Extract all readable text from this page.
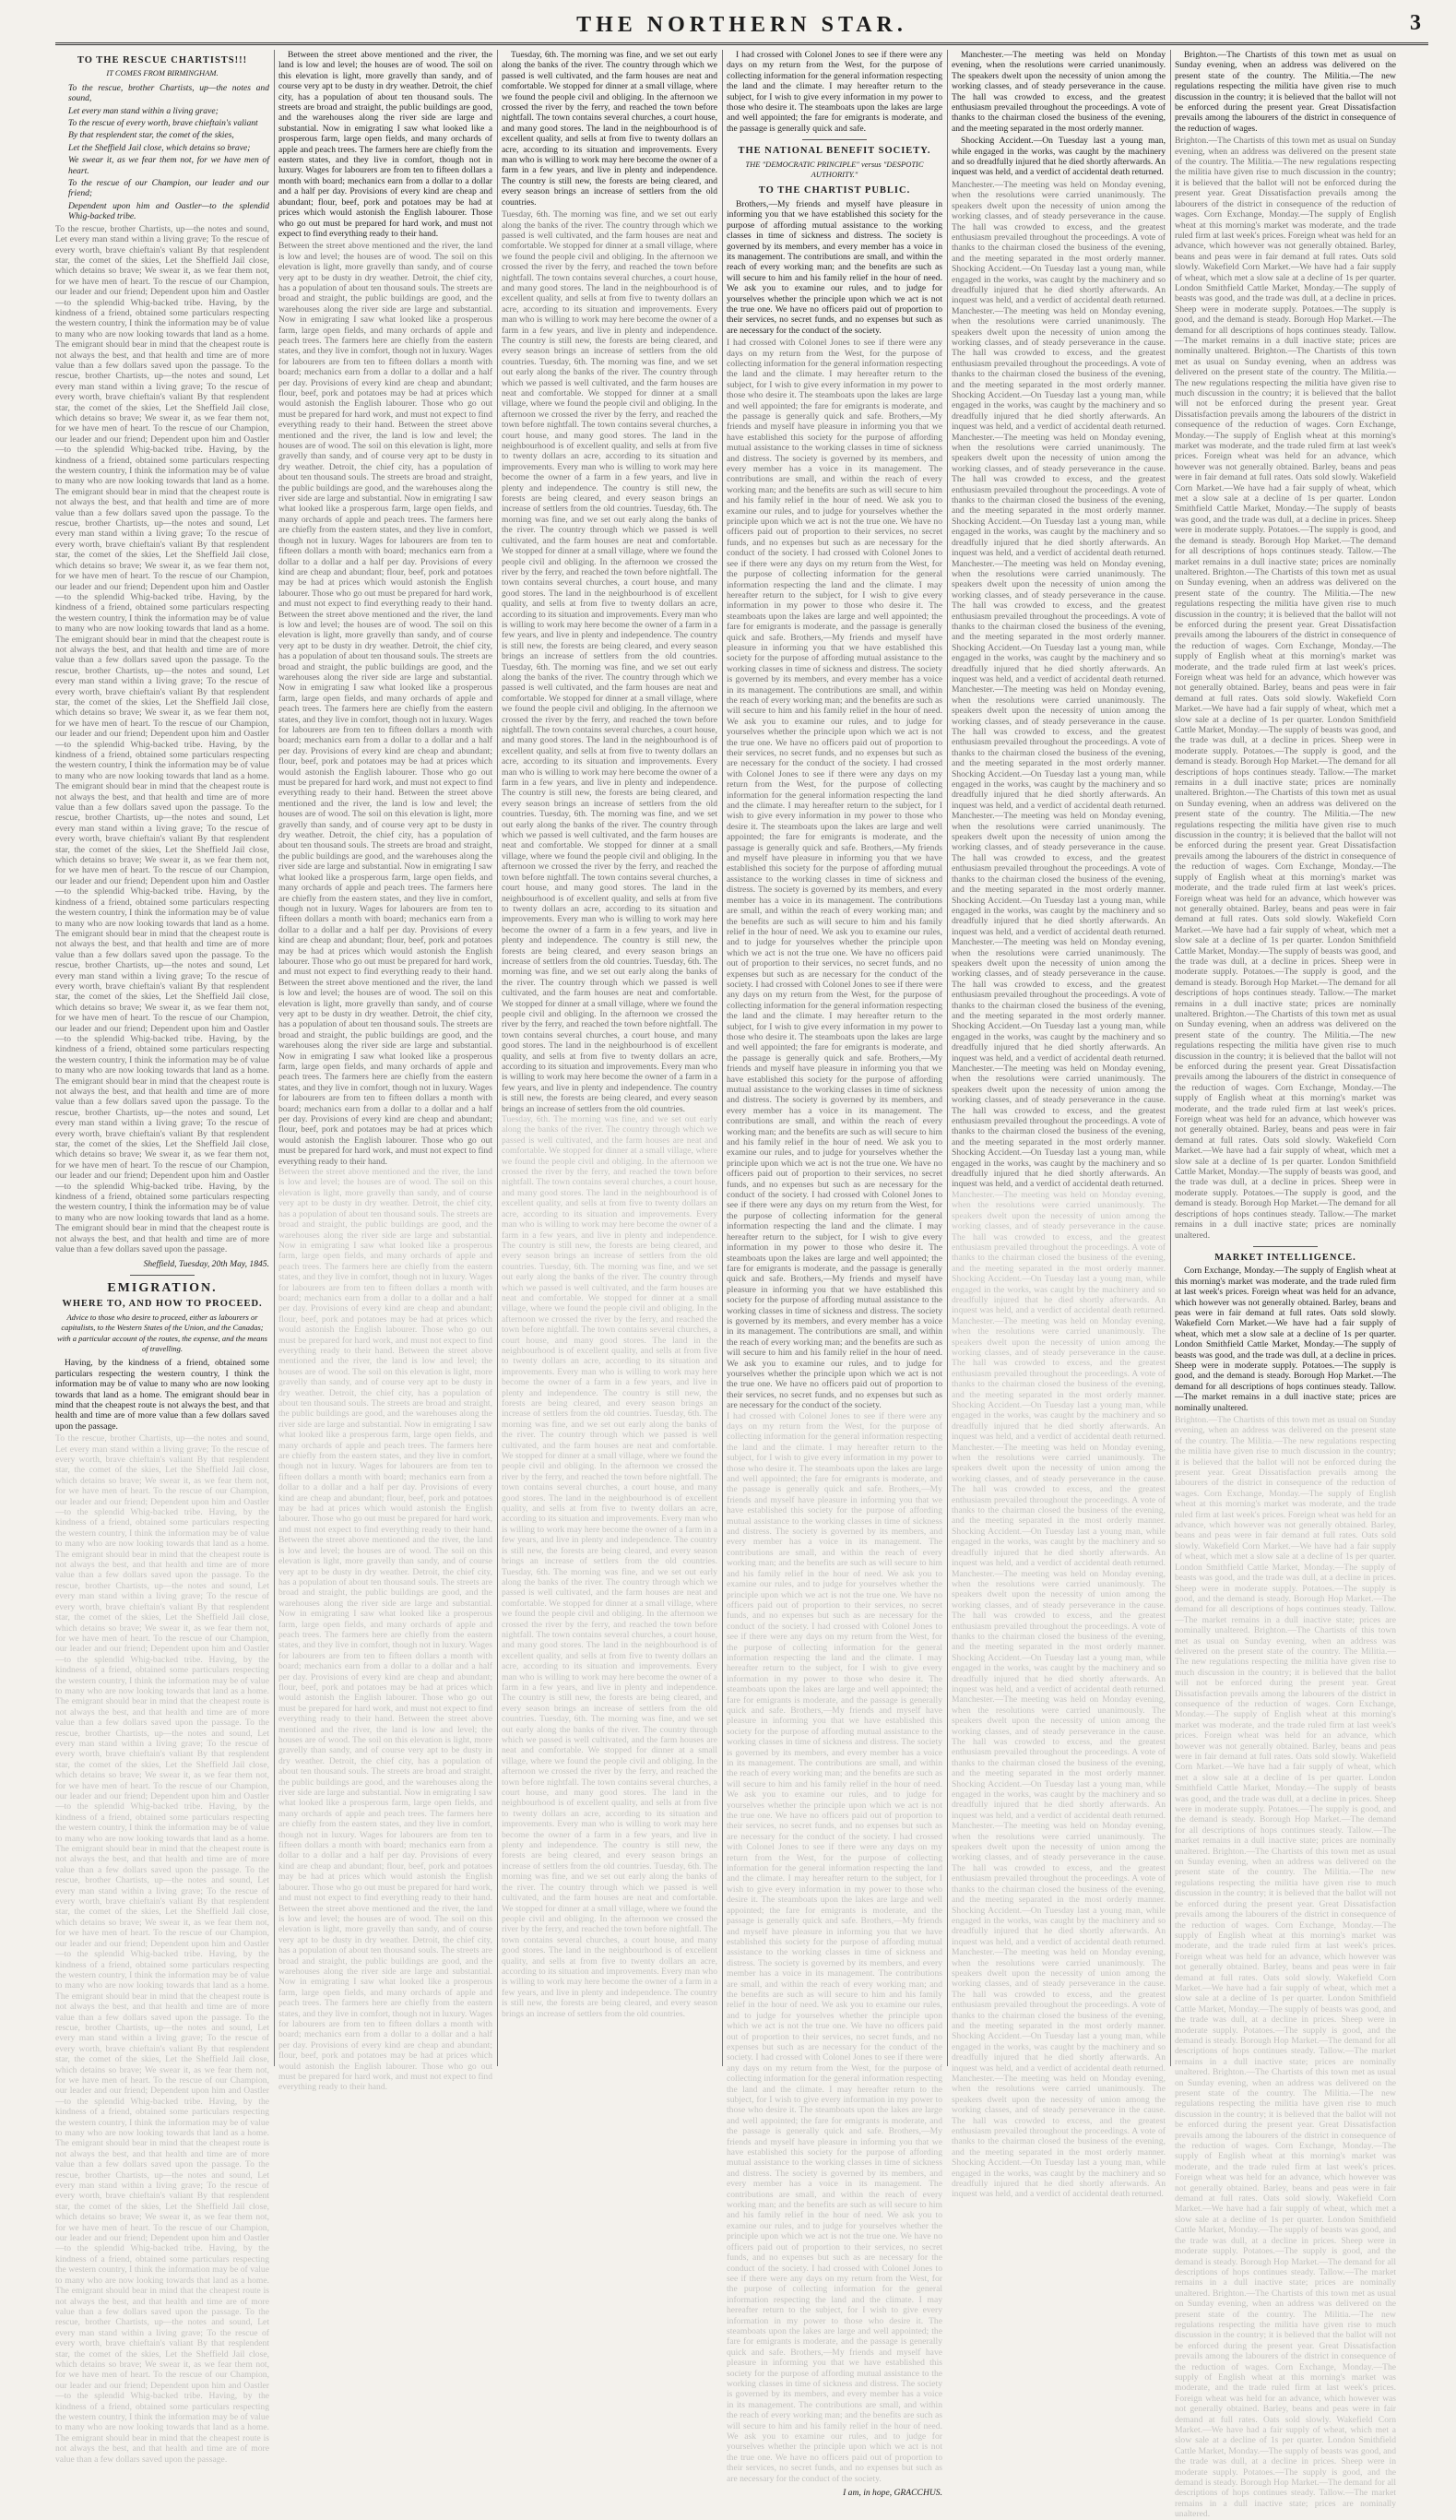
THE NORTHERN STAR.	3
TO THE RESCUE CHARTISTS!!!
IT COMES FROM BIRMINGHAM.

To the rescue, brother Chartists, up—the notes and sound,

Let every man stand within a living grave;

To the rescue of every worth, brave chieftain's valiant

By that resplendent star, the comet of the skies,

Let the Sheffield Jail close, which detains so brave;

We swear it, as we fear them not, for we have men of heart.

To the rescue of our Champion, our leader and our friend;

Dependent upon him and Oastler—to the splendid Whig-backed tribe.

To the rescue, brother Chartists, up—the notes and sound, Let every man stand within a living grave; To the rescue of every worth, brave chieftain's valiant By that resplendent star, the comet of the skies, Let the Sheffield Jail close, which detains so brave; We swear it, as we fear them not, for we have men of heart. To the rescue of our Champion, our leader and our friend; Dependent upon him and Oastler—to the splendid Whig-backed tribe. Having, by the kindness of a friend, obtained some particulars respecting the western country, I think the information may be of value to many who are now looking towards that land as a home. The emigrant should bear in mind that the cheapest route is not always the best, and that health and time are of more value than a few dollars saved upon the passage. To the rescue, brother Chartists, up—the notes and sound, Let every man stand within a living grave; To the rescue of every worth, brave chieftain's valiant By that resplendent star, the comet of the skies, Let the Sheffield Jail close, which detains so brave; We swear it, as we fear them not, for we have men of heart. To the rescue of our Champion, our leader and our friend; Dependent upon him and Oastler—to the splendid Whig-backed tribe. Having, by the kindness of a friend, obtained some particulars respecting the western country, I think the information may be of value to many who are now looking towards that land as a home. The emigrant should bear in mind that the cheapest route is not always the best, and that health and time are of more value than a few dollars saved upon the passage. To the rescue, brother Chartists, up—the notes and sound, Let every man stand within a living grave; To the rescue of every worth, brave chieftain's valiant By that resplendent star, the comet of the skies, Let the Sheffield Jail close, which detains so brave; We swear it, as we fear them not, for we have men of heart. To the rescue of our Champion, our leader and our friend; Dependent upon him and Oastler—to the splendid Whig-backed tribe. Having, by the kindness of a friend, obtained some particulars respecting the western country, I think the information may be of value to many who are now looking towards that land as a home. The emigrant should bear in mind that the cheapest route is not always the best, and that health and time are of more value than a few dollars saved upon the passage. To the rescue, brother Chartists, up—the notes and sound, Let every man stand within a living grave; To the rescue of every worth, brave chieftain's valiant By that resplendent star, the comet of the skies, Let the Sheffield Jail close, which detains so brave; We swear it, as we fear them not, for we have men of heart. To the rescue of our Champion, our leader and our friend; Dependent upon him and Oastler—to the splendid Whig-backed tribe. Having, by the kindness of a friend, obtained some particulars respecting the western country, I think the information may be of value to many who are now looking towards that land as a home. The emigrant should bear in mind that the cheapest route is not always the best, and that health and time are of more value than a few dollars saved upon the passage. To the rescue, brother Chartists, up—the notes and sound, Let every man stand within a living grave; To the rescue of every worth, brave chieftain's valiant By that resplendent star, the comet of the skies, Let the Sheffield Jail close, which detains so brave; We swear it, as we fear them not, for we have men of heart. To the rescue of our Champion, our leader and our friend; Dependent upon him and Oastler—to the splendid Whig-backed tribe. Having, by the kindness of a friend, obtained some particulars respecting the western country, I think the information may be of value to many who are now looking towards that land as a home. The emigrant should bear in mind that the cheapest route is not always the best, and that health and time are of more value than a few dollars saved upon the passage. To the rescue, brother Chartists, up—the notes and sound, Let every man stand within a living grave; To the rescue of every worth, brave chieftain's valiant By that resplendent star, the comet of the skies, Let the Sheffield Jail close, which detains so brave; We swear it, as we fear them not, for we have men of heart. To the rescue of our Champion, our leader and our friend; Dependent upon him and Oastler—to the splendid Whig-backed tribe. Having, by the kindness of a friend, obtained some particulars respecting the western country, I think the information may be of value to many who are now looking towards that land as a home. The emigrant should bear in mind that the cheapest route is not always the best, and that health and time are of more value than a few dollars saved upon the passage. To the rescue, brother Chartists, up—the notes and sound, Let every man stand within a living grave; To the rescue of every worth, brave chieftain's valiant By that resplendent star, the comet of the skies, Let the Sheffield Jail close, which detains so brave; We swear it, as we fear them not, for we have men of heart. To the rescue of our Champion, our leader and our friend; Dependent upon him and Oastler—to the splendid Whig-backed tribe. Having, by the kindness of a friend, obtained some particulars respecting the western country, I think the information may be of value to many who are now looking towards that land as a home. The emigrant should bear in mind that the cheapest route is not always the best, and that health and time are of more value than a few dollars saved upon the passage.
Sheffield, Tuesday, 20th May, 1845.
EMIGRATION.
WHERE TO, AND HOW TO PROCEED.
Advice to those who desire to proceed, either as labourers or capitalists, to the Western States of the Union, and the Canadas; with a particular account of the routes, the expense, and the means of travelling.

Having, by the kindness of a friend, obtained some particulars respecting the western country, I think the information may be of value to many who are now looking towards that land as a home. The emigrant should bear in mind that the cheapest route is not always the best, and that health and time are of more value than a few dollars saved upon the passage.

To the rescue, brother Chartists, up—the notes and sound, Let every man stand within a living grave; To the rescue of every worth, brave chieftain's valiant By that resplendent star, the comet of the skies, Let the Sheffield Jail close, which detains so brave; We swear it, as we fear them not, for we have men of heart. To the rescue of our Champion, our leader and our friend; Dependent upon him and Oastler—to the splendid Whig-backed tribe. Having, by the kindness of a friend, obtained some particulars respecting the western country, I think the information may be of value to many who are now looking towards that land as a home. The emigrant should bear in mind that the cheapest route is not always the best, and that health and time are of more value than a few dollars saved upon the passage. To the rescue, brother Chartists, up—the notes and sound, Let every man stand within a living grave; To the rescue of every worth, brave chieftain's valiant By that resplendent star, the comet of the skies, Let the Sheffield Jail close, which detains so brave; We swear it, as we fear them not, for we have men of heart. To the rescue of our Champion, our leader and our friend; Dependent upon him and Oastler—to the splendid Whig-backed tribe. Having, by the kindness of a friend, obtained some particulars respecting the western country, I think the information may be of value to many who are now looking towards that land as a home. The emigrant should bear in mind that the cheapest route is not always the best, and that health and time are of more value than a few dollars saved upon the passage. To the rescue, brother Chartists, up—the notes and sound, Let every man stand within a living grave; To the rescue of every worth, brave chieftain's valiant By that resplendent star, the comet of the skies, Let the Sheffield Jail close, which detains so brave; We swear it, as we fear them not, for we have men of heart. To the rescue of our Champion, our leader and our friend; Dependent upon him and Oastler—to the splendid Whig-backed tribe. Having, by the kindness of a friend, obtained some particulars respecting the western country, I think the information may be of value to many who are now looking towards that land as a home. The emigrant should bear in mind that the cheapest route is not always the best, and that health and time are of more value than a few dollars saved upon the passage. To the rescue, brother Chartists, up—the notes and sound, Let every man stand within a living grave; To the rescue of every worth, brave chieftain's valiant By that resplendent star, the comet of the skies, Let the Sheffield Jail close, which detains so brave; We swear it, as we fear them not, for we have men of heart. To the rescue of our Champion, our leader and our friend; Dependent upon him and Oastler—to the splendid Whig-backed tribe. Having, by the kindness of a friend, obtained some particulars respecting the western country, I think the information may be of value to many who are now looking towards that land as a home. The emigrant should bear in mind that the cheapest route is not always the best, and that health and time are of more value than a few dollars saved upon the passage. To the rescue, brother Chartists, up—the notes and sound, Let every man stand within a living grave; To the rescue of every worth, brave chieftain's valiant By that resplendent star, the comet of the skies, Let the Sheffield Jail close, which detains so brave; We swear it, as we fear them not, for we have men of heart. To the rescue of our Champion, our leader and our friend; Dependent upon him and Oastler—to the splendid Whig-backed tribe. Having, by the kindness of a friend, obtained some particulars respecting the western country, I think the information may be of value to many who are now looking towards that land as a home. The emigrant should bear in mind that the cheapest route is not always the best, and that health and time are of more value than a few dollars saved upon the passage. To the rescue, brother Chartists, up—the notes and sound, Let every man stand within a living grave; To the rescue of every worth, brave chieftain's valiant By that resplendent star, the comet of the skies, Let the Sheffield Jail close, which detains so brave; We swear it, as we fear them not, for we have men of heart. To the rescue of our Champion, our leader and our friend; Dependent upon him and Oastler—to the splendid Whig-backed tribe. Having, by the kindness of a friend, obtained some particulars respecting the western country, I think the information may be of value to many who are now looking towards that land as a home. The emigrant should bear in mind that the cheapest route is not always the best, and that health and time are of more value than a few dollars saved upon the passage. To the rescue, brother Chartists, up—the notes and sound, Let every man stand within a living grave; To the rescue of every worth, brave chieftain's valiant By that resplendent star, the comet of the skies, Let the Sheffield Jail close, which detains so brave; We swear it, as we fear them not, for we have men of heart. To the rescue of our Champion, our leader and our friend; Dependent upon him and Oastler—to the splendid Whig-backed tribe. Having, by the kindness of a friend, obtained some particulars respecting the western country, I think the information may be of value to many who are now looking towards that land as a home. The emigrant should bear in mind that the cheapest route is not always the best, and that health and time are of more value than a few dollars saved upon the passage.

Between the street above mentioned and the river, the land is low and level; the houses are of wood. The soil on this elevation is light, more gravelly than sandy, and of course very apt to be dusty in dry weather. Detroit, the chief city, has a population of about ten thousand souls. The streets are broad and straight, the public buildings are good, and the warehouses along the river side are large and substantial. Now in emigrating I saw what looked like a prosperous farm, large open fields, and many orchards of apple and peach trees. The farmers here are chiefly from the eastern states, and they live in comfort, though not in luxury. Wages for labourers are from ten to fifteen dollars a month with board; mechanics earn from a dollar to a dollar and a half per day. Provisions of every kind are cheap and abundant; flour, beef, pork and potatoes may be had at prices which would astonish the English labourer. Those who go out must be prepared for hard work, and must not expect to find everything ready to their hand.

Between the street above mentioned and the river, the land is low and level; the houses are of wood. The soil on this elevation is light, more gravelly than sandy, and of course very apt to be dusty in dry weather. Detroit, the chief city, has a population of about ten thousand souls. The streets are broad and straight, the public buildings are good, and the warehouses along the river side are large and substantial. Now in emigrating I saw what looked like a prosperous farm, large open fields, and many orchards of apple and peach trees. The farmers here are chiefly from the eastern states, and they live in comfort, though not in luxury. Wages for labourers are from ten to fifteen dollars a month with board; mechanics earn from a dollar to a dollar and a half per day. Provisions of every kind are cheap and abundant; flour, beef, pork and potatoes may be had at prices which would astonish the English labourer. Those who go out must be prepared for hard work, and must not expect to find everything ready to their hand. Between the street above mentioned and the river, the land is low and level; the houses are of wood. The soil on this elevation is light, more gravelly than sandy, and of course very apt to be dusty in dry weather. Detroit, the chief city, has a population of about ten thousand souls. The streets are broad and straight, the public buildings are good, and the warehouses along the river side are large and substantial. Now in emigrating I saw what looked like a prosperous farm, large open fields, and many orchards of apple and peach trees. The farmers here are chiefly from the eastern states, and they live in comfort, though not in luxury. Wages for labourers are from ten to fifteen dollars a month with board; mechanics earn from a dollar to a dollar and a half per day. Provisions of every kind are cheap and abundant; flour, beef, pork and potatoes may be had at prices which would astonish the English labourer. Those who go out must be prepared for hard work, and must not expect to find everything ready to their hand. Between the street above mentioned and the river, the land is low and level; the houses are of wood. The soil on this elevation is light, more gravelly than sandy, and of course very apt to be dusty in dry weather. Detroit, the chief city, has a population of about ten thousand souls. The streets are broad and straight, the public buildings are good, and the warehouses along the river side are large and substantial. Now in emigrating I saw what looked like a prosperous farm, large open fields, and many orchards of apple and peach trees. The farmers here are chiefly from the eastern states, and they live in comfort, though not in luxury. Wages for labourers are from ten to fifteen dollars a month with board; mechanics earn from a dollar to a dollar and a half per day. Provisions of every kind are cheap and abundant; flour, beef, pork and potatoes may be had at prices which would astonish the English labourer. Those who go out must be prepared for hard work, and must not expect to find everything ready to their hand. Between the street above mentioned and the river, the land is low and level; the houses are of wood. The soil on this elevation is light, more gravelly than sandy, and of course very apt to be dusty in dry weather. Detroit, the chief city, has a population of about ten thousand souls. The streets are broad and straight, the public buildings are good, and the warehouses along the river side are large and substantial. Now in emigrating I saw what looked like a prosperous farm, large open fields, and many orchards of apple and peach trees. The farmers here are chiefly from the eastern states, and they live in comfort, though not in luxury. Wages for labourers are from ten to fifteen dollars a month with board; mechanics earn from a dollar to a dollar and a half per day. Provisions of every kind are cheap and abundant; flour, beef, pork and potatoes may be had at prices which would astonish the English labourer. Those who go out must be prepared for hard work, and must not expect to find everything ready to their hand. Between the street above mentioned and the river, the land is low and level; the houses are of wood. The soil on this elevation is light, more gravelly than sandy, and of course very apt to be dusty in dry weather. Detroit, the chief city, has a population of about ten thousand souls. The streets are broad and straight, the public buildings are good, and the warehouses along the river side are large and substantial. Now in emigrating I saw what looked like a prosperous farm, large open fields, and many orchards of apple and peach trees. The farmers here are chiefly from the eastern states, and they live in comfort, though not in luxury. Wages for labourers are from ten to fifteen dollars a month with board; mechanics earn from a dollar to a dollar and a half per day. Provisions of every kind are cheap and abundant; flour, beef, pork and potatoes may be had at prices which would astonish the English labourer. Those who go out must be prepared for hard work, and must not expect to find everything ready to their hand.
Between the street above mentioned and the river, the land is low and level; the houses are of wood. The soil on this elevation is light, more gravelly than sandy, and of course very apt to be dusty in dry weather. Detroit, the chief city, has a population of about ten thousand souls. The streets are broad and straight, the public buildings are good, and the warehouses along the river side are large and substantial. Now in emigrating I saw what looked like a prosperous farm, large open fields, and many orchards of apple and peach trees. The farmers here are chiefly from the eastern states, and they live in comfort, though not in luxury. Wages for labourers are from ten to fifteen dollars a month with board; mechanics earn from a dollar to a dollar and a half per day. Provisions of every kind are cheap and abundant; flour, beef, pork and potatoes may be had at prices which would astonish the English labourer. Those who go out must be prepared for hard work, and must not expect to find everything ready to their hand. Between the street above mentioned and the river, the land is low and level; the houses are of wood. The soil on this elevation is light, more gravelly than sandy, and of course very apt to be dusty in dry weather. Detroit, the chief city, has a population of about ten thousand souls. The streets are broad and straight, the public buildings are good, and the warehouses along the river side are large and substantial. Now in emigrating I saw what looked like a prosperous farm, large open fields, and many orchards of apple and peach trees. The farmers here are chiefly from the eastern states, and they live in comfort, though not in luxury. Wages for labourers are from ten to fifteen dollars a month with board; mechanics earn from a dollar to a dollar and a half per day. Provisions of every kind are cheap and abundant; flour, beef, pork and potatoes may be had at prices which would astonish the English labourer. Those who go out must be prepared for hard work, and must not expect to find everything ready to their hand. Between the street above mentioned and the river, the land is low and level; the houses are of wood. The soil on this elevation is light, more gravelly than sandy, and of course very apt to be dusty in dry weather. Detroit, the chief city, has a population of about ten thousand souls. The streets are broad and straight, the public buildings are good, and the warehouses along the river side are large and substantial. Now in emigrating I saw what looked like a prosperous farm, large open fields, and many orchards of apple and peach trees. The farmers here are chiefly from the eastern states, and they live in comfort, though not in luxury. Wages for labourers are from ten to fifteen dollars a month with board; mechanics earn from a dollar to a dollar and a half per day. Provisions of every kind are cheap and abundant; flour, beef, pork and potatoes may be had at prices which would astonish the English labourer. Those who go out must be prepared for hard work, and must not expect to find everything ready to their hand. Between the street above mentioned and the river, the land is low and level; the houses are of wood. The soil on this elevation is light, more gravelly than sandy, and of course very apt to be dusty in dry weather. Detroit, the chief city, has a population of about ten thousand souls. The streets are broad and straight, the public buildings are good, and the warehouses along the river side are large and substantial. Now in emigrating I saw what looked like a prosperous farm, large open fields, and many orchards of apple and peach trees. The farmers here are chiefly from the eastern states, and they live in comfort, though not in luxury. Wages for labourers are from ten to fifteen dollars a month with board; mechanics earn from a dollar to a dollar and a half per day. Provisions of every kind are cheap and abundant; flour, beef, pork and potatoes may be had at prices which would astonish the English labourer. Those who go out must be prepared for hard work, and must not expect to find everything ready to their hand. Between the street above mentioned and the river, the land is low and level; the houses are of wood. The soil on this elevation is light, more gravelly than sandy, and of course very apt to be dusty in dry weather. Detroit, the chief city, has a population of about ten thousand souls. The streets are broad and straight, the public buildings are good, and the warehouses along the river side are large and substantial. Now in emigrating I saw what looked like a prosperous farm, large open fields, and many orchards of apple and peach trees. The farmers here are chiefly from the eastern states, and they live in comfort, though not in luxury. Wages for labourers are from ten to fifteen dollars a month with board; mechanics earn from a dollar to a dollar and a half per day. Provisions of every kind are cheap and abundant; flour, beef, pork and potatoes may be had at prices which would astonish the English labourer. Those who go out must be prepared for hard work, and must not expect to find everything ready to their hand.

Tuesday, 6th. The morning was fine, and we set out early along the banks of the river. The country through which we passed is well cultivated, and the farm houses are neat and comfortable. We stopped for dinner at a small village, where we found the people civil and obliging. In the afternoon we crossed the river by the ferry, and reached the town before nightfall. The town contains several churches, a court house, and many good stores. The land in the neighbourhood is of excellent quality, and sells at from five to twenty dollars an acre, according to its situation and improvements. Every man who is willing to work may here become the owner of a farm in a few years, and live in plenty and independence. The country is still new, the forests are being cleared, and every season brings an increase of settlers from the old countries.

Tuesday, 6th. The morning was fine, and we set out early along the banks of the river. The country through which we passed is well cultivated, and the farm houses are neat and comfortable. We stopped for dinner at a small village, where we found the people civil and obliging. In the afternoon we crossed the river by the ferry, and reached the town before nightfall. The town contains several churches, a court house, and many good stores. The land in the neighbourhood is of excellent quality, and sells at from five to twenty dollars an acre, according to its situation and improvements. Every man who is willing to work may here become the owner of a farm in a few years, and live in plenty and independence. The country is still new, the forests are being cleared, and every season brings an increase of settlers from the old countries. Tuesday, 6th. The morning was fine, and we set out early along the banks of the river. The country through which we passed is well cultivated, and the farm houses are neat and comfortable. We stopped for dinner at a small village, where we found the people civil and obliging. In the afternoon we crossed the river by the ferry, and reached the town before nightfall. The town contains several churches, a court house, and many good stores. The land in the neighbourhood is of excellent quality, and sells at from five to twenty dollars an acre, according to its situation and improvements. Every man who is willing to work may here become the owner of a farm in a few years, and live in plenty and independence. The country is still new, the forests are being cleared, and every season brings an increase of settlers from the old countries. Tuesday, 6th. The morning was fine, and we set out early along the banks of the river. The country through which we passed is well cultivated, and the farm houses are neat and comfortable. We stopped for dinner at a small village, where we found the people civil and obliging. In the afternoon we crossed the river by the ferry, and reached the town before nightfall. The town contains several churches, a court house, and many good stores. The land in the neighbourhood is of excellent quality, and sells at from five to twenty dollars an acre, according to its situation and improvements. Every man who is willing to work may here become the owner of a farm in a few years, and live in plenty and independence. The country is still new, the forests are being cleared, and every season brings an increase of settlers from the old countries. Tuesday, 6th. The morning was fine, and we set out early along the banks of the river. The country through which we passed is well cultivated, and the farm houses are neat and comfortable. We stopped for dinner at a small village, where we found the people civil and obliging. In the afternoon we crossed the river by the ferry, and reached the town before nightfall. The town contains several churches, a court house, and many good stores. The land in the neighbourhood is of excellent quality, and sells at from five to twenty dollars an acre, according to its situation and improvements. Every man who is willing to work may here become the owner of a farm in a few years, and live in plenty and independence. The country is still new, the forests are being cleared, and every season brings an increase of settlers from the old countries. Tuesday, 6th. The morning was fine, and we set out early along the banks of the river. The country through which we passed is well cultivated, and the farm houses are neat and comfortable. We stopped for dinner at a small village, where we found the people civil and obliging. In the afternoon we crossed the river by the ferry, and reached the town before nightfall. The town contains several churches, a court house, and many good stores. The land in the neighbourhood is of excellent quality, and sells at from five to twenty dollars an acre, according to its situation and improvements. Every man who is willing to work may here become the owner of a farm in a few years, and live in plenty and independence. The country is still new, the forests are being cleared, and every season brings an increase of settlers from the old countries. Tuesday, 6th. The morning was fine, and we set out early along the banks of the river. The country through which we passed is well cultivated, and the farm houses are neat and comfortable. We stopped for dinner at a small village, where we found the people civil and obliging. In the afternoon we crossed the river by the ferry, and reached the town before nightfall. The town contains several churches, a court house, and many good stores. The land in the neighbourhood is of excellent quality, and sells at from five to twenty dollars an acre, according to its situation and improvements. Every man who is willing to work may here become the owner of a farm in a few years, and live in plenty and independence. The country is still new, the forests are being cleared, and every season brings an increase of settlers from the old countries.
Tuesday, 6th. The morning was fine, and we set out early along the banks of the river. The country through which we passed is well cultivated, and the farm houses are neat and comfortable. We stopped for dinner at a small village, where we found the people civil and obliging. In the afternoon we crossed the river by the ferry, and reached the town before nightfall. The town contains several churches, a court house, and many good stores. The land in the neighbourhood is of excellent quality, and sells at from five to twenty dollars an acre, according to its situation and improvements. Every man who is willing to work may here become the owner of a farm in a few years, and live in plenty and independence. The country is still new, the forests are being cleared, and every season brings an increase of settlers from the old countries. Tuesday, 6th. The morning was fine, and we set out early along the banks of the river. The country through which we passed is well cultivated, and the farm houses are neat and comfortable. We stopped for dinner at a small village, where we found the people civil and obliging. In the afternoon we crossed the river by the ferry, and reached the town before nightfall. The town contains several churches, a court house, and many good stores. The land in the neighbourhood is of excellent quality, and sells at from five to twenty dollars an acre, according to its situation and improvements. Every man who is willing to work may here become the owner of a farm in a few years, and live in plenty and independence. The country is still new, the forests are being cleared, and every season brings an increase of settlers from the old countries. Tuesday, 6th. The morning was fine, and we set out early along the banks of the river. The country through which we passed is well cultivated, and the farm houses are neat and comfortable. We stopped for dinner at a small village, where we found the people civil and obliging. In the afternoon we crossed the river by the ferry, and reached the town before nightfall. The town contains several churches, a court house, and many good stores. The land in the neighbourhood is of excellent quality, and sells at from five to twenty dollars an acre, according to its situation and improvements. Every man who is willing to work may here become the owner of a farm in a few years, and live in plenty and independence. The country is still new, the forests are being cleared, and every season brings an increase of settlers from the old countries. Tuesday, 6th. The morning was fine, and we set out early along the banks of the river. The country through which we passed is well cultivated, and the farm houses are neat and comfortable. We stopped for dinner at a small village, where we found the people civil and obliging. In the afternoon we crossed the river by the ferry, and reached the town before nightfall. The town contains several churches, a court house, and many good stores. The land in the neighbourhood is of excellent quality, and sells at from five to twenty dollars an acre, according to its situation and improvements. Every man who is willing to work may here become the owner of a farm in a few years, and live in plenty and independence. The country is still new, the forests are being cleared, and every season brings an increase of settlers from the old countries. Tuesday, 6th. The morning was fine, and we set out early along the banks of the river. The country through which we passed is well cultivated, and the farm houses are neat and comfortable. We stopped for dinner at a small village, where we found the people civil and obliging. In the afternoon we crossed the river by the ferry, and reached the town before nightfall. The town contains several churches, a court house, and many good stores. The land in the neighbourhood is of excellent quality, and sells at from five to twenty dollars an acre, according to its situation and improvements. Every man who is willing to work may here become the owner of a farm in a few years, and live in plenty and independence. The country is still new, the forests are being cleared, and every season brings an increase of settlers from the old countries. Tuesday, 6th. The morning was fine, and we set out early along the banks of the river. The country through which we passed is well cultivated, and the farm houses are neat and comfortable. We stopped for dinner at a small village, where we found the people civil and obliging. In the afternoon we crossed the river by the ferry, and reached the town before nightfall. The town contains several churches, a court house, and many good stores. The land in the neighbourhood is of excellent quality, and sells at from five to twenty dollars an acre, according to its situation and improvements. Every man who is willing to work may here become the owner of a farm in a few years, and live in plenty and independence. The country is still new, the forests are being cleared, and every season brings an increase of settlers from the old countries.

I had crossed with Colonel Jones to see if there were any days on my return from the West, for the purpose of collecting information for the general information respecting the land and the climate. I may hereafter return to the subject, for I wish to give every information in my power to those who desire it. The steamboats upon the lakes are large and well appointed; the fare for emigrants is moderate, and the passage is generally quick and safe.

THE NATIONAL BENEFIT SOCIETY.
THE "DEMOCRATIC PRINCIPLE" versus "DESPOTIC AUTHORITY."
TO THE CHARTIST PUBLIC.

Brothers,—My friends and myself have pleasure in informing you that we have established this society for the purpose of affording mutual assistance to the working classes in time of sickness and distress. The society is governed by its members, and every member has a voice in its management. The contributions are small, and within the reach of every working man; and the benefits are such as will secure to him and his family relief in the hour of need. We ask you to examine our rules, and to judge for yourselves whether the principle upon which we act is not the true one. We have no officers paid out of proportion to their services, no secret funds, and no expenses but such as are necessary for the conduct of the society.

I had crossed with Colonel Jones to see if there were any days on my return from the West, for the purpose of collecting information for the general information respecting the land and the climate. I may hereafter return to the subject, for I wish to give every information in my power to those who desire it. The steamboats upon the lakes are large and well appointed; the fare for emigrants is moderate, and the passage is generally quick and safe. Brothers,—My friends and myself have pleasure in informing you that we have established this society for the purpose of affording mutual assistance to the working classes in time of sickness and distress. The society is governed by its members, and every member has a voice in its management. The contributions are small, and within the reach of every working man; and the benefits are such as will secure to him and his family relief in the hour of need. We ask you to examine our rules, and to judge for yourselves whether the principle upon which we act is not the true one. We have no officers paid out of proportion to their services, no secret funds, and no expenses but such as are necessary for the conduct of the society. I had crossed with Colonel Jones to see if there were any days on my return from the West, for the purpose of collecting information for the general information respecting the land and the climate. I may hereafter return to the subject, for I wish to give every information in my power to those who desire it. The steamboats upon the lakes are large and well appointed; the fare for emigrants is moderate, and the passage is generally quick and safe. Brothers,—My friends and myself have pleasure in informing you that we have established this society for the purpose of affording mutual assistance to the working classes in time of sickness and distress. The society is governed by its members, and every member has a voice in its management. The contributions are small, and within the reach of every working man; and the benefits are such as will secure to him and his family relief in the hour of need. We ask you to examine our rules, and to judge for yourselves whether the principle upon which we act is not the true one. We have no officers paid out of proportion to their services, no secret funds, and no expenses but such as are necessary for the conduct of the society. I had crossed with Colonel Jones to see if there were any days on my return from the West, for the purpose of collecting information for the general information respecting the land and the climate. I may hereafter return to the subject, for I wish to give every information in my power to those who desire it. The steamboats upon the lakes are large and well appointed; the fare for emigrants is moderate, and the passage is generally quick and safe. Brothers,—My friends and myself have pleasure in informing you that we have established this society for the purpose of affording mutual assistance to the working classes in time of sickness and distress. The society is governed by its members, and every member has a voice in its management. The contributions are small, and within the reach of every working man; and the benefits are such as will secure to him and his family relief in the hour of need. We ask you to examine our rules, and to judge for yourselves whether the principle upon which we act is not the true one. We have no officers paid out of proportion to their services, no secret funds, and no expenses but such as are necessary for the conduct of the society. I had crossed with Colonel Jones to see if there were any days on my return from the West, for the purpose of collecting information for the general information respecting the land and the climate. I may hereafter return to the subject, for I wish to give every information in my power to those who desire it. The steamboats upon the lakes are large and well appointed; the fare for emigrants is moderate, and the passage is generally quick and safe. Brothers,—My friends and myself have pleasure in informing you that we have established this society for the purpose of affording mutual assistance to the working classes in time of sickness and distress. The society is governed by its members, and every member has a voice in its management. The contributions are small, and within the reach of every working man; and the benefits are such as will secure to him and his family relief in the hour of need. We ask you to examine our rules, and to judge for yourselves whether the principle upon which we act is not the true one. We have no officers paid out of proportion to their services, no secret funds, and no expenses but such as are necessary for the conduct of the society. I had crossed with Colonel Jones to see if there were any days on my return from the West, for the purpose of collecting information for the general information respecting the land and the climate. I may hereafter return to the subject, for I wish to give every information in my power to those who desire it. The steamboats upon the lakes are large and well appointed; the fare for emigrants is moderate, and the passage is generally quick and safe. Brothers,—My friends and myself have pleasure in informing you that we have established this society for the purpose of affording mutual assistance to the working classes in time of sickness and distress. The society is governed by its members, and every member has a voice in its management. The contributions are small, and within the reach of every working man; and the benefits are such as will secure to him and his family relief in the hour of need. We ask you to examine our rules, and to judge for yourselves whether the principle upon which we act is not the true one. We have no officers paid out of proportion to their services, no secret funds, and no expenses but such as are necessary for the conduct of the society.
I had crossed with Colonel Jones to see if there were any days on my return from the West, for the purpose of collecting information for the general information respecting the land and the climate. I may hereafter return to the subject, for I wish to give every information in my power to those who desire it. The steamboats upon the lakes are large and well appointed; the fare for emigrants is moderate, and the passage is generally quick and safe. Brothers,—My friends and myself have pleasure in informing you that we have established this society for the purpose of affording mutual assistance to the working classes in time of sickness and distress. The society is governed by its members, and every member has a voice in its management. The contributions are small, and within the reach of every working man; and the benefits are such as will secure to him and his family relief in the hour of need. We ask you to examine our rules, and to judge for yourselves whether the principle upon which we act is not the true one. We have no officers paid out of proportion to their services, no secret funds, and no expenses but such as are necessary for the conduct of the society. I had crossed with Colonel Jones to see if there were any days on my return from the West, for the purpose of collecting information for the general information respecting the land and the climate. I may hereafter return to the subject, for I wish to give every information in my power to those who desire it. The steamboats upon the lakes are large and well appointed; the fare for emigrants is moderate, and the passage is generally quick and safe. Brothers,—My friends and myself have pleasure in informing you that we have established this society for the purpose of affording mutual assistance to the working classes in time of sickness and distress. The society is governed by its members, and every member has a voice in its management. The contributions are small, and within the reach of every working man; and the benefits are such as will secure to him and his family relief in the hour of need. We ask you to examine our rules, and to judge for yourselves whether the principle upon which we act is not the true one. We have no officers paid out of proportion to their services, no secret funds, and no expenses but such as are necessary for the conduct of the society. I had crossed with Colonel Jones to see if there were any days on my return from the West, for the purpose of collecting information for the general information respecting the land and the climate. I may hereafter return to the subject, for I wish to give every information in my power to those who desire it. The steamboats upon the lakes are large and well appointed; the fare for emigrants is moderate, and the passage is generally quick and safe. Brothers,—My friends and myself have pleasure in informing you that we have established this society for the purpose of affording mutual assistance to the working classes in time of sickness and distress. The society is governed by its members, and every member has a voice in its management. The contributions are small, and within the reach of every working man; and the benefits are such as will secure to him and his family relief in the hour of need. We ask you to examine our rules, and to judge for yourselves whether the principle upon which we act is not the true one. We have no officers paid out of proportion to their services, no secret funds, and no expenses but such as are necessary for the conduct of the society. I had crossed with Colonel Jones to see if there were any days on my return from the West, for the purpose of collecting information for the general information respecting the land and the climate. I may hereafter return to the subject, for I wish to give every information in my power to those who desire it. The steamboats upon the lakes are large and well appointed; the fare for emigrants is moderate, and the passage is generally quick and safe. Brothers,—My friends and myself have pleasure in informing you that we have established this society for the purpose of affording mutual assistance to the working classes in time of sickness and distress. The society is governed by its members, and every member has a voice in its management. The contributions are small, and within the reach of every working man; and the benefits are such as will secure to him and his family relief in the hour of need. We ask you to examine our rules, and to judge for yourselves whether the principle upon which we act is not the true one. We have no officers paid out of proportion to their services, no secret funds, and no expenses but such as are necessary for the conduct of the society. I had crossed with Colonel Jones to see if there were any days on my return from the West, for the purpose of collecting information for the general information respecting the land and the climate. I may hereafter return to the subject, for I wish to give every information in my power to those who desire it. The steamboats upon the lakes are large and well appointed; the fare for emigrants is moderate, and the passage is generally quick and safe. Brothers,—My friends and myself have pleasure in informing you that we have established this society for the purpose of affording mutual assistance to the working classes in time of sickness and distress. The society is governed by its members, and every member has a voice in its management. The contributions are small, and within the reach of every working man; and the benefits are such as will secure to him and his family relief in the hour of need. We ask you to examine our rules, and to judge for yourselves whether the principle upon which we act is not the true one. We have no officers paid out of proportion to their services, no secret funds, and no expenses but such as are necessary for the conduct of the society.
I am, in hope, GRACCHUS.

Manchester.—The meeting was held on Monday evening, when the resolutions were carried unanimously. The speakers dwelt upon the necessity of union among the working classes, and of steady perseverance in the cause. The hall was crowded to excess, and the greatest enthusiasm prevailed throughout the proceedings. A vote of thanks to the chairman closed the business of the evening, and the meeting separated in the most orderly manner.

Shocking Accident.—On Tuesday last a young man, while engaged in the works, was caught by the machinery and so dreadfully injured that he died shortly afterwards. An inquest was held, and a verdict of accidental death returned.

Manchester.—The meeting was held on Monday evening, when the resolutions were carried unanimously. The speakers dwelt upon the necessity of union among the working classes, and of steady perseverance in the cause. The hall was crowded to excess, and the greatest enthusiasm prevailed throughout the proceedings. A vote of thanks to the chairman closed the business of the evening, and the meeting separated in the most orderly manner. Shocking Accident.—On Tuesday last a young man, while engaged in the works, was caught by the machinery and so dreadfully injured that he died shortly afterwards. An inquest was held, and a verdict of accidental death returned. Manchester.—The meeting was held on Monday evening, when the resolutions were carried unanimously. The speakers dwelt upon the necessity of union among the working classes, and of steady perseverance in the cause. The hall was crowded to excess, and the greatest enthusiasm prevailed throughout the proceedings. A vote of thanks to the chairman closed the business of the evening, and the meeting separated in the most orderly manner. Shocking Accident.—On Tuesday last a young man, while engaged in the works, was caught by the machinery and so dreadfully injured that he died shortly afterwards. An inquest was held, and a verdict of accidental death returned. Manchester.—The meeting was held on Monday evening, when the resolutions were carried unanimously. The speakers dwelt upon the necessity of union among the working classes, and of steady perseverance in the cause. The hall was crowded to excess, and the greatest enthusiasm prevailed throughout the proceedings. A vote of thanks to the chairman closed the business of the evening, and the meeting separated in the most orderly manner. Shocking Accident.—On Tuesday last a young man, while engaged in the works, was caught by the machinery and so dreadfully injured that he died shortly afterwards. An inquest was held, and a verdict of accidental death returned. Manchester.—The meeting was held on Monday evening, when the resolutions were carried unanimously. The speakers dwelt upon the necessity of union among the working classes, and of steady perseverance in the cause. The hall was crowded to excess, and the greatest enthusiasm prevailed throughout the proceedings. A vote of thanks to the chairman closed the business of the evening, and the meeting separated in the most orderly manner. Shocking Accident.—On Tuesday last a young man, while engaged in the works, was caught by the machinery and so dreadfully injured that he died shortly afterwards. An inquest was held, and a verdict of accidental death returned. Manchester.—The meeting was held on Monday evening, when the resolutions were carried unanimously. The speakers dwelt upon the necessity of union among the working classes, and of steady perseverance in the cause. The hall was crowded to excess, and the greatest enthusiasm prevailed throughout the proceedings. A vote of thanks to the chairman closed the business of the evening, and the meeting separated in the most orderly manner. Shocking Accident.—On Tuesday last a young man, while engaged in the works, was caught by the machinery and so dreadfully injured that he died shortly afterwards. An inquest was held, and a verdict of accidental death returned. Manchester.—The meeting was held on Monday evening, when the resolutions were carried unanimously. The speakers dwelt upon the necessity of union among the working classes, and of steady perseverance in the cause. The hall was crowded to excess, and the greatest enthusiasm prevailed throughout the proceedings. A vote of thanks to the chairman closed the business of the evening, and the meeting separated in the most orderly manner. Shocking Accident.—On Tuesday last a young man, while engaged in the works, was caught by the machinery and so dreadfully injured that he died shortly afterwards. An inquest was held, and a verdict of accidental death returned. Manchester.—The meeting was held on Monday evening, when the resolutions were carried unanimously. The speakers dwelt upon the necessity of union among the working classes, and of steady perseverance in the cause. The hall was crowded to excess, and the greatest enthusiasm prevailed throughout the proceedings. A vote of thanks to the chairman closed the business of the evening, and the meeting separated in the most orderly manner. Shocking Accident.—On Tuesday last a young man, while engaged in the works, was caught by the machinery and so dreadfully injured that he died shortly afterwards. An inquest was held, and a verdict of accidental death returned. Manchester.—The meeting was held on Monday evening, when the resolutions were carried unanimously. The speakers dwelt upon the necessity of union among the working classes, and of steady perseverance in the cause. The hall was crowded to excess, and the greatest enthusiasm prevailed throughout the proceedings. A vote of thanks to the chairman closed the business of the evening, and the meeting separated in the most orderly manner. Shocking Accident.—On Tuesday last a young man, while engaged in the works, was caught by the machinery and so dreadfully injured that he died shortly afterwards. An inquest was held, and a verdict of accidental death returned.
Manchester.—The meeting was held on Monday evening, when the resolutions were carried unanimously. The speakers dwelt upon the necessity of union among the working classes, and of steady perseverance in the cause. The hall was crowded to excess, and the greatest enthusiasm prevailed throughout the proceedings. A vote of thanks to the chairman closed the business of the evening, and the meeting separated in the most orderly manner. Shocking Accident.—On Tuesday last a young man, while engaged in the works, was caught by the machinery and so dreadfully injured that he died shortly afterwards. An inquest was held, and a verdict of accidental death returned. Manchester.—The meeting was held on Monday evening, when the resolutions were carried unanimously. The speakers dwelt upon the necessity of union among the working classes, and of steady perseverance in the cause. The hall was crowded to excess, and the greatest enthusiasm prevailed throughout the proceedings. A vote of thanks to the chairman closed the business of the evening, and the meeting separated in the most orderly manner. Shocking Accident.—On Tuesday last a young man, while engaged in the works, was caught by the machinery and so dreadfully injured that he died shortly afterwards. An inquest was held, and a verdict of accidental death returned. Manchester.—The meeting was held on Monday evening, when the resolutions were carried unanimously. The speakers dwelt upon the necessity of union among the working classes, and of steady perseverance in the cause. The hall was crowded to excess, and the greatest enthusiasm prevailed throughout the proceedings. A vote of thanks to the chairman closed the business of the evening, and the meeting separated in the most orderly manner. Shocking Accident.—On Tuesday last a young man, while engaged in the works, was caught by the machinery and so dreadfully injured that he died shortly afterwards. An inquest was held, and a verdict of accidental death returned. Manchester.—The meeting was held on Monday evening, when the resolutions were carried unanimously. The speakers dwelt upon the necessity of union among the working classes, and of steady perseverance in the cause. The hall was crowded to excess, and the greatest enthusiasm prevailed throughout the proceedings. A vote of thanks to the chairman closed the business of the evening, and the meeting separated in the most orderly manner. Shocking Accident.—On Tuesday last a young man, while engaged in the works, was caught by the machinery and so dreadfully injured that he died shortly afterwards. An inquest was held, and a verdict of accidental death returned. Manchester.—The meeting was held on Monday evening, when the resolutions were carried unanimously. The speakers dwelt upon the necessity of union among the working classes, and of steady perseverance in the cause. The hall was crowded to excess, and the greatest enthusiasm prevailed throughout the proceedings. A vote of thanks to the chairman closed the business of the evening, and the meeting separated in the most orderly manner. Shocking Accident.—On Tuesday last a young man, while engaged in the works, was caught by the machinery and so dreadfully injured that he died shortly afterwards. An inquest was held, and a verdict of accidental death returned. Manchester.—The meeting was held on Monday evening, when the resolutions were carried unanimously. The speakers dwelt upon the necessity of union among the working classes, and of steady perseverance in the cause. The hall was crowded to excess, and the greatest enthusiasm prevailed throughout the proceedings. A vote of thanks to the chairman closed the business of the evening, and the meeting separated in the most orderly manner. Shocking Accident.—On Tuesday last a young man, while engaged in the works, was caught by the machinery and so dreadfully injured that he died shortly afterwards. An inquest was held, and a verdict of accidental death returned. Manchester.—The meeting was held on Monday evening, when the resolutions were carried unanimously. The speakers dwelt upon the necessity of union among the working classes, and of steady perseverance in the cause. The hall was crowded to excess, and the greatest enthusiasm prevailed throughout the proceedings. A vote of thanks to the chairman closed the business of the evening, and the meeting separated in the most orderly manner. Shocking Accident.—On Tuesday last a young man, while engaged in the works, was caught by the machinery and so dreadfully injured that he died shortly afterwards. An inquest was held, and a verdict of accidental death returned. Manchester.—The meeting was held on Monday evening, when the resolutions were carried unanimously. The speakers dwelt upon the necessity of union among the working classes, and of steady perseverance in the cause. The hall was crowded to excess, and the greatest enthusiasm prevailed throughout the proceedings. A vote of thanks to the chairman closed the business of the evening, and the meeting separated in the most orderly manner. Shocking Accident.—On Tuesday last a young man, while engaged in the works, was caught by the machinery and so dreadfully injured that he died shortly afterwards. An inquest was held, and a verdict of accidental death returned.

Brighton.—The Chartists of this town met as usual on Sunday evening, when an address was delivered on the present state of the country. The Militia.—The new regulations respecting the militia have given rise to much discussion in the country; it is believed that the ballot will not be enforced during the present year. Great Dissatisfaction prevails among the labourers of the district in consequence of the reduction of wages.

Brighton.—The Chartists of this town met as usual on Sunday evening, when an address was delivered on the present state of the country. The Militia.—The new regulations respecting the militia have given rise to much discussion in the country; it is believed that the ballot will not be enforced during the present year. Great Dissatisfaction prevails among the labourers of the district in consequence of the reduction of wages. Corn Exchange, Monday.—The supply of English wheat at this morning's market was moderate, and the trade ruled firm at last week's prices. Foreign wheat was held for an advance, which however was not generally obtained. Barley, beans and peas were in fair demand at full rates. Oats sold slowly. Wakefield Corn Market.—We have had a fair supply of wheat, which met a slow sale at a decline of 1s per quarter. London Smithfield Cattle Market, Monday.—The supply of beasts was good, and the trade was dull, at a decline in prices. Sheep were in moderate supply. Potatoes.—The supply is good, and the demand is steady. Borough Hop Market.—The demand for all descriptions of hops continues steady. Tallow.—The market remains in a dull inactive state; prices are nominally unaltered. Brighton.—The Chartists of this town met as usual on Sunday evening, when an address was delivered on the present state of the country. The Militia.—The new regulations respecting the militia have given rise to much discussion in the country; it is believed that the ballot will not be enforced during the present year. Great Dissatisfaction prevails among the labourers of the district in consequence of the reduction of wages. Corn Exchange, Monday.—The supply of English wheat at this morning's market was moderate, and the trade ruled firm at last week's prices. Foreign wheat was held for an advance, which however was not generally obtained. Barley, beans and peas were in fair demand at full rates. Oats sold slowly. Wakefield Corn Market.—We have had a fair supply of wheat, which met a slow sale at a decline of 1s per quarter. London Smithfield Cattle Market, Monday.—The supply of beasts was good, and the trade was dull, at a decline in prices. Sheep were in moderate supply. Potatoes.—The supply is good, and the demand is steady. Borough Hop Market.—The demand for all descriptions of hops continues steady. Tallow.—The market remains in a dull inactive state; prices are nominally unaltered. Brighton.—The Chartists of this town met as usual on Sunday evening, when an address was delivered on the present state of the country. The Militia.—The new regulations respecting the militia have given rise to much discussion in the country; it is believed that the ballot will not be enforced during the present year. Great Dissatisfaction prevails among the labourers of the district in consequence of the reduction of wages. Corn Exchange, Monday.—The supply of English wheat at this morning's market was moderate, and the trade ruled firm at last week's prices. Foreign wheat was held for an advance, which however was not generally obtained. Barley, beans and peas were in fair demand at full rates. Oats sold slowly. Wakefield Corn Market.—We have had a fair supply of wheat, which met a slow sale at a decline of 1s per quarter. London Smithfield Cattle Market, Monday.—The supply of beasts was good, and the trade was dull, at a decline in prices. Sheep were in moderate supply. Potatoes.—The supply is good, and the demand is steady. Borough Hop Market.—The demand for all descriptions of hops continues steady. Tallow.—The market remains in a dull inactive state; prices are nominally unaltered. Brighton.—The Chartists of this town met as usual on Sunday evening, when an address was delivered on the present state of the country. The Militia.—The new regulations respecting the militia have given rise to much discussion in the country; it is believed that the ballot will not be enforced during the present year. Great Dissatisfaction prevails among the labourers of the district in consequence of the reduction of wages. Corn Exchange, Monday.—The supply of English wheat at this morning's market was moderate, and the trade ruled firm at last week's prices. Foreign wheat was held for an advance, which however was not generally obtained. Barley, beans and peas were in fair demand at full rates. Oats sold slowly. Wakefield Corn Market.—We have had a fair supply of wheat, which met a slow sale at a decline of 1s per quarter. London Smithfield Cattle Market, Monday.—The supply of beasts was good, and the trade was dull, at a decline in prices. Sheep were in moderate supply. Potatoes.—The supply is good, and the demand is steady. Borough Hop Market.—The demand for all descriptions of hops continues steady. Tallow.—The market remains in a dull inactive state; prices are nominally unaltered. Brighton.—The Chartists of this town met as usual on Sunday evening, when an address was delivered on the present state of the country. The Militia.—The new regulations respecting the militia have given rise to much discussion in the country; it is believed that the ballot will not be enforced during the present year. Great Dissatisfaction prevails among the labourers of the district in consequence of the reduction of wages. Corn Exchange, Monday.—The supply of English wheat at this morning's market was moderate, and the trade ruled firm at last week's prices. Foreign wheat was held for an advance, which however was not generally obtained. Barley, beans and peas were in fair demand at full rates. Oats sold slowly. Wakefield Corn Market.—We have had a fair supply of wheat, which met a slow sale at a decline of 1s per quarter. London Smithfield Cattle Market, Monday.—The supply of beasts was good, and the trade was dull, at a decline in prices. Sheep were in moderate supply. Potatoes.—The supply is good, and the demand is steady. Borough Hop Market.—The demand for all descriptions of hops continues steady. Tallow.—The market remains in a dull inactive state; prices are nominally unaltered.
MARKET INTELLIGENCE.

Corn Exchange, Monday.—The supply of English wheat at this morning's market was moderate, and the trade ruled firm at last week's prices. Foreign wheat was held for an advance, which however was not generally obtained. Barley, beans and peas were in fair demand at full rates. Oats sold slowly. Wakefield Corn Market.—We have had a fair supply of wheat, which met a slow sale at a decline of 1s per quarter. London Smithfield Cattle Market, Monday.—The supply of beasts was good, and the trade was dull, at a decline in prices. Sheep were in moderate supply. Potatoes.—The supply is good, and the demand is steady. Borough Hop Market.—The demand for all descriptions of hops continues steady. Tallow.—The market remains in a dull inactive state; prices are nominally unaltered.

Brighton.—The Chartists of this town met as usual on Sunday evening, when an address was delivered on the present state of the country. The Militia.—The new regulations respecting the militia have given rise to much discussion in the country; it is believed that the ballot will not be enforced during the present year. Great Dissatisfaction prevails among the labourers of the district in consequence of the reduction of wages. Corn Exchange, Monday.—The supply of English wheat at this morning's market was moderate, and the trade ruled firm at last week's prices. Foreign wheat was held for an advance, which however was not generally obtained. Barley, beans and peas were in fair demand at full rates. Oats sold slowly. Wakefield Corn Market.—We have had a fair supply of wheat, which met a slow sale at a decline of 1s per quarter. London Smithfield Cattle Market, Monday.—The supply of beasts was good, and the trade was dull, at a decline in prices. Sheep were in moderate supply. Potatoes.—The supply is good, and the demand is steady. Borough Hop Market.—The demand for all descriptions of hops continues steady. Tallow.—The market remains in a dull inactive state; prices are nominally unaltered. Brighton.—The Chartists of this town met as usual on Sunday evening, when an address was delivered on the present state of the country. The Militia.—The new regulations respecting the militia have given rise to much discussion in the country; it is believed that the ballot will not be enforced during the present year. Great Dissatisfaction prevails among the labourers of the district in consequence of the reduction of wages. Corn Exchange, Monday.—The supply of English wheat at this morning's market was moderate, and the trade ruled firm at last week's prices. Foreign wheat was held for an advance, which however was not generally obtained. Barley, beans and peas were in fair demand at full rates. Oats sold slowly. Wakefield Corn Market.—We have had a fair supply of wheat, which met a slow sale at a decline of 1s per quarter. London Smithfield Cattle Market, Monday.—The supply of beasts was good, and the trade was dull, at a decline in prices. Sheep were in moderate supply. Potatoes.—The supply is good, and the demand is steady. Borough Hop Market.—The demand for all descriptions of hops continues steady. Tallow.—The market remains in a dull inactive state; prices are nominally unaltered. Brighton.—The Chartists of this town met as usual on Sunday evening, when an address was delivered on the present state of the country. The Militia.—The new regulations respecting the militia have given rise to much discussion in the country; it is believed that the ballot will not be enforced during the present year. Great Dissatisfaction prevails among the labourers of the district in consequence of the reduction of wages. Corn Exchange, Monday.—The supply of English wheat at this morning's market was moderate, and the trade ruled firm at last week's prices. Foreign wheat was held for an advance, which however was not generally obtained. Barley, beans and peas were in fair demand at full rates. Oats sold slowly. Wakefield Corn Market.—We have had a fair supply of wheat, which met a slow sale at a decline of 1s per quarter. London Smithfield Cattle Market, Monday.—The supply of beasts was good, and the trade was dull, at a decline in prices. Sheep were in moderate supply. Potatoes.—The supply is good, and the demand is steady. Borough Hop Market.—The demand for all descriptions of hops continues steady. Tallow.—The market remains in a dull inactive state; prices are nominally unaltered. Brighton.—The Chartists of this town met as usual on Sunday evening, when an address was delivered on the present state of the country. The Militia.—The new regulations respecting the militia have given rise to much discussion in the country; it is believed that the ballot will not be enforced during the present year. Great Dissatisfaction prevails among the labourers of the district in consequence of the reduction of wages. Corn Exchange, Monday.—The supply of English wheat at this morning's market was moderate, and the trade ruled firm at last week's prices. Foreign wheat was held for an advance, which however was not generally obtained. Barley, beans and peas were in fair demand at full rates. Oats sold slowly. Wakefield Corn Market.—We have had a fair supply of wheat, which met a slow sale at a decline of 1s per quarter. London Smithfield Cattle Market, Monday.—The supply of beasts was good, and the trade was dull, at a decline in prices. Sheep were in moderate supply. Potatoes.—The supply is good, and the demand is steady. Borough Hop Market.—The demand for all descriptions of hops continues steady. Tallow.—The market remains in a dull inactive state; prices are nominally unaltered. Brighton.—The Chartists of this town met as usual on Sunday evening, when an address was delivered on the present state of the country. The Militia.—The new regulations respecting the militia have given rise to much discussion in the country; it is believed that the ballot will not be enforced during the present year. Great Dissatisfaction prevails among the labourers of the district in consequence of the reduction of wages. Corn Exchange, Monday.—The supply of English wheat at this morning's market was moderate, and the trade ruled firm at last week's prices. Foreign wheat was held for an advance, which however was not generally obtained. Barley, beans and peas were in fair demand at full rates. Oats sold slowly. Wakefield Corn Market.—We have had a fair supply of wheat, which met a slow sale at a decline of 1s per quarter. London Smithfield Cattle Market, Monday.—The supply of beasts was good, and the trade was dull, at a decline in prices. Sheep were in moderate supply. Potatoes.—The supply is good, and the demand is steady. Borough Hop Market.—The demand for all descriptions of hops continues steady. Tallow.—The market remains in a dull inactive state; prices are nominally unaltered.
